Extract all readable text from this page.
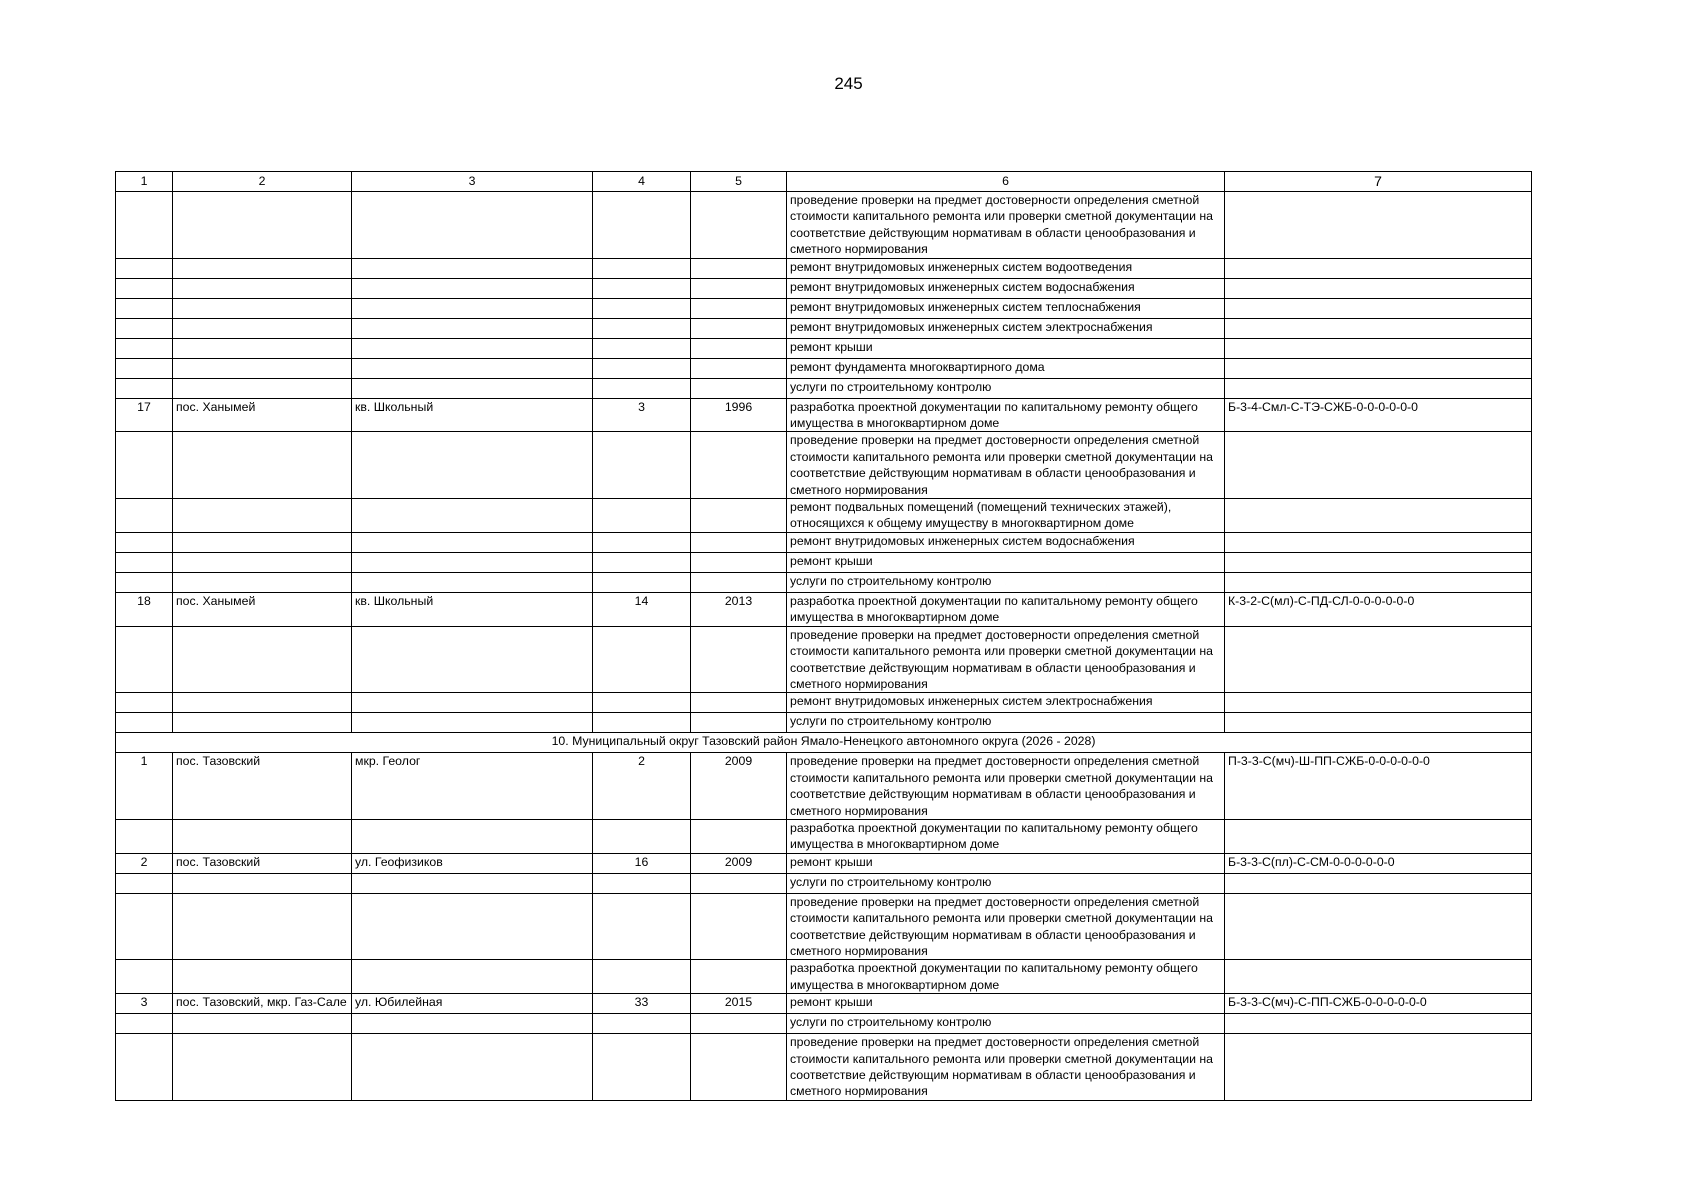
245
1	2	3	4	5	6	7
					проведение проверки на предмет достоверности определения сметной стоимости капитального ремонта или проверки сметной документации на соответствие действующим нормативам в области ценообразования и сметного нормирования	
					ремонт внутридомовых инженерных систем водоотведения	
					ремонт внутридомовых инженерных систем водоснабжения	
					ремонт внутридомовых инженерных систем теплоснабжения	
					ремонт внутридомовых инженерных систем электроснабжения	
					ремонт крыши	
					ремонт фундамента многоквартирного дома	
					услуги по строительному контролю	
17	пос. Ханымей	кв. Школьный	3	1996	разработка проектной документации по капитальному ремонту общего имущества в многоквартирном доме	Б-3-4-Смл-С-ТЭ-СЖБ-0-0-0-0-0-0
					проведение проверки на предмет достоверности определения сметной стоимости капитального ремонта или проверки сметной документации на соответствие действующим нормативам в области ценообразования и сметного нормирования	
					ремонт подвальных помещений (помещений технических этажей), относящихся к общему имуществу в многоквартирном доме	
					ремонт внутридомовых инженерных систем водоснабжения	
					ремонт крыши	
					услуги по строительному контролю	
18	пос. Ханымей	кв. Школьный	14	2013	разработка проектной документации по капитальному ремонту общего имущества в многоквартирном доме	К-3-2-С(мл)-С-ПД-СЛ-0-0-0-0-0-0
					проведение проверки на предмет достоверности определения сметной стоимости капитального ремонта или проверки сметной документации на соответствие действующим нормативам в области ценообразования и сметного нормирования	
					ремонт внутридомовых инженерных систем электроснабжения	
					услуги по строительному контролю	
10. Муниципальный округ Тазовский район Ямало-Ненецкого автономного округа (2026 - 2028)						
1	пос. Тазовский	мкр. Геолог	2	2009	проведение проверки на предмет достоверности определения сметной стоимости капитального ремонта или проверки сметной документации на соответствие действующим нормативам в области ценообразования и сметного нормирования	П-3-3-С(мч)-Ш-ПП-СЖБ-0-0-0-0-0-0
					разработка проектной документации по капитальному ремонту общего имущества в многоквартирном доме	
2	пос. Тазовский	ул. Геофизиков	16	2009	ремонт крыши	Б-3-3-С(пл)-С-СМ-0-0-0-0-0-0
					услуги по строительному контролю	
					проведение проверки на предмет достоверности определения сметной стоимости капитального ремонта или проверки сметной документации на соответствие действующим нормативам в области ценообразования и сметного нормирования	
					разработка проектной документации по капитальному ремонту общего имущества в многоквартирном доме	
3	пос. Тазовский, мкр. Газ-Сале	ул. Юбилейная	33	2015	ремонт крыши	Б-3-3-С(мч)-С-ПП-СЖБ-0-0-0-0-0-0
					услуги по строительному контролю	
					проведение проверки на предмет достоверности определения сметной стоимости капитального ремонта или проверки сметной документации на соответствие действующим нормативам в области ценообразования и сметного нормирования	
